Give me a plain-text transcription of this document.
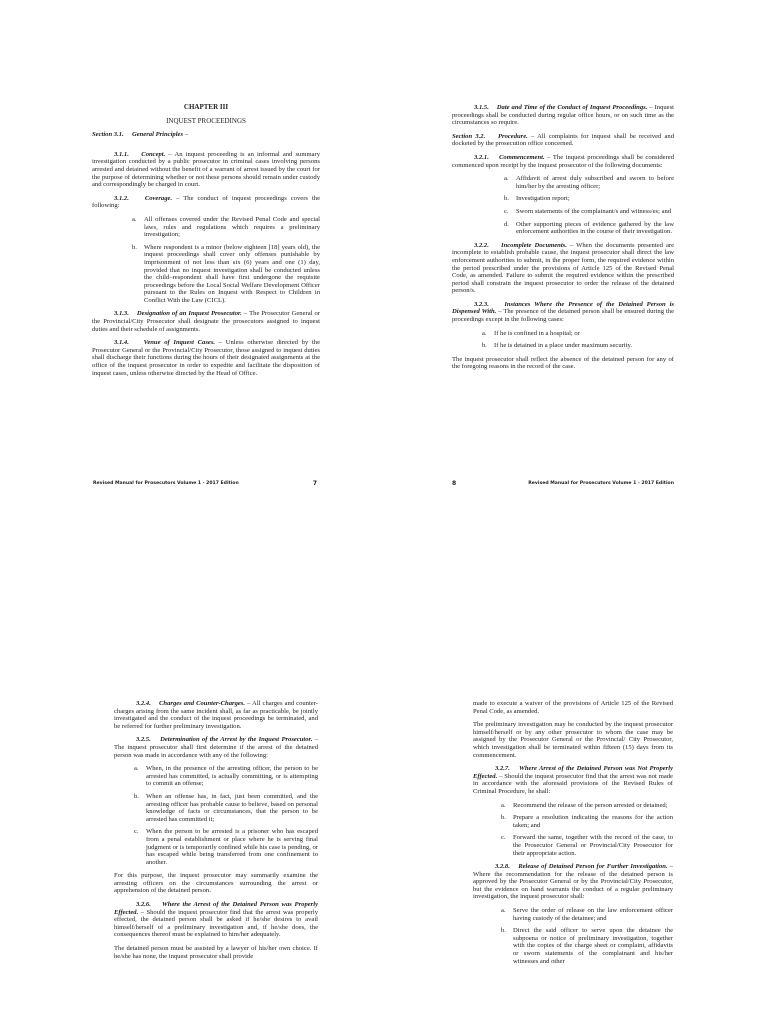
CHAPTER III

INQUEST PROCEEDINGS

Section 3.1. General Principles –

3.1.1. Concept. – An inquest proceeding is an informal and summary investigation conducted by a public prosecutor in criminal cases involving persons arrested and detained without the benefit of a warrant of arrest issued by the court for the purpose of determining whether or not these persons should remain under custody and correspondingly be charged in court.

3.1.2. Coverage. – The conduct of inquest proceedings covers the following:

a. All offenses covered under the Revised Penal Code and special laws, rules and regulations which requires a preliminary investigation;
b. Where respondent is a minor (below eighteen [18] years old), the inquest proceedings shall cover only offenses punishable by imprisonment of not less than six (6) years and one (1) day, provided that no inquest investigation shall be conducted unless the child–respondent shall have first undergone the requisite proceedings before the Local Social Welfare Development Officer pursuant to the Rules on Inquest with Respect to Children in Conflict With the Law (CICL).

3.1.3. Designation of an Inquest Prosecutor. – The Prosecutor General or the Provincial/City Prosecutor shall designate the prosecutors assigned to inquest duties and their schedule of assignments.

3.1.4. Venue of Inquest Cases. – Unless otherwise directed by the Prosecutor General or the Provincial/City Prosecutor, those assigned to inquest duties shall discharge their functions during the hours of their designated assignments at the office of the inquest prosecutor in order to expedite and facilitate the disposition of inquest cases, unless otherwise directed by the Head of Office.

Revised Manual for Prosecutors Volume 1 - 2017 Edition	7

3.1.5. Date and Time of the Conduct of Inquest Proceedings. – Inquest proceedings shall be conducted during regular office hours, or on such time as the circumstances so require.

Section 3.2. Procedure. – All complaints for inquest shall be received and docketed by the prosecution office concerned.

3.2.1. Commencement. – The inquest proceedings shall be considered commenced upon receipt by the inquest prosecutor of the following documents:

a. Affidavit of arrest duly subscribed and sworn to before him/her by the arresting officer;
b. Investigation report;
c. Sworn statements of the complainant/s and witness/es; and
d. Other supporting pieces of evidence gathered by the law enforcement authorities in the course of their investigation.

3.2.2. Incomplete Documents. – When the documents presented are incomplete to establish probable cause, the inquest prosecutor shall direct the law enforcement authorities to submit, in the proper form, the required evidence within the period prescribed under the provisions of Article 125 of the Revised Penal Code, as amended. Failure to submit the required evidence within the prescribed period shall constrain the inquest prosecutor to order the release of the detained person/s.

3.2.3. Instances Where the Presence of the Detained Person is Dispensed With. – The presence of the detained person shall be ensured during the proceedings except in the following cases:

a. If he is confined in a hospital; or
b. If he is detained in a place under maximum security.

The inquest prosecutor shall reflect the absence of the detained person for any of the foregoing reasons in the record of the case.

8	Revised Manual for Prosecutors Volume 1 - 2017 Edition

3.2.4. Charges and Counter-Charges. – All charges and counter-charges arising from the same incident shall, as far as practicable, be jointly investigated and the conduct of the inquest proceedings be terminated, and be referred for further preliminary investigation.

3.2.5. Determination of the Arrest by the Inquest Prosecutor. – The inquest prosecutor shall first determine if the arrest of the detained person was made in accordance with any of the following:

a. When, in the presence of the arresting officer, the person to be arrested has committed, is actually committing, or is attempting to commit an offense;
b. When an offense has, in fact, just been committed, and the arresting officer has probable cause to believe, based on personal knowledge of facts or circumstances, that the person to be arrested has committed it;
c. When the person to be arrested is a prisoner who has escaped from a penal establishment or place where he is serving final judgment or is temporarily confined while his case is pending, or has escaped while being transferred from one confinement to another.

For this purpose, the inquest prosecutor may summarily examine the arresting officers on the circumstances surrounding the arrest or apprehension of the detained person.

3.2.6. Where the Arrest of the Detained Person was Properly Effected. – Should the inquest prosecutor find that the arrest was properly effected, the detained person shall be asked if he/she desires to avail himself/herself of a preliminary investigation and, if he/she does, the consequences thereof must be explained to him/her adequately.

The detained person must be assisted by a lawyer of his/her own choice. If he/she has none, the inquest prosecutor shall provide

made to execute a waiver of the provisions of Article 125 of the Revised Penal Code, as amended.

The preliminary investigation may be conducted by the inquest prosecutor himself/herself or by any other prosecutor to whom the case may be assigned by the Prosecutor General or the Provincial/ City Prosecutor, which investigation shall be terminated within fifteen (15) days from its commencement.

3.2.7. Where Arrest of the Detained Person was Not Properly Effected. – Should the inquest prosecutor find that the arrest was not made in accordance with the aforesaid provisions of the Revised Rules of Criminal Procedure, he shall:

a. Recommend the release of the person arrested or detained;
b. Prepare a resolution indicating the reasons for the action taken; and
c. Forward the same, together with the record of the case, to the Prosecutor General or Provincial/City Prosecutor for their appropriate action.

3.2.8. Release of Detained Person for Further Investigation. – Where the recommendation for the release of the detained person is approved by the Prosecutor General or by the Provincial/City Prosecutor, but the evidence on hand warrants the conduct of a regular preliminary investigation, the inquest prosecutor shall:

a. Serve the order of release on the law enforcement officer having custody of the detainee; and
b. Direct the said officer to serve upon the detainee the subpoena or notice of preliminary investigation, together with the copies of the charge sheet or complaint, affidavits or sworn statements of the complainant and his/her witnesses and other
